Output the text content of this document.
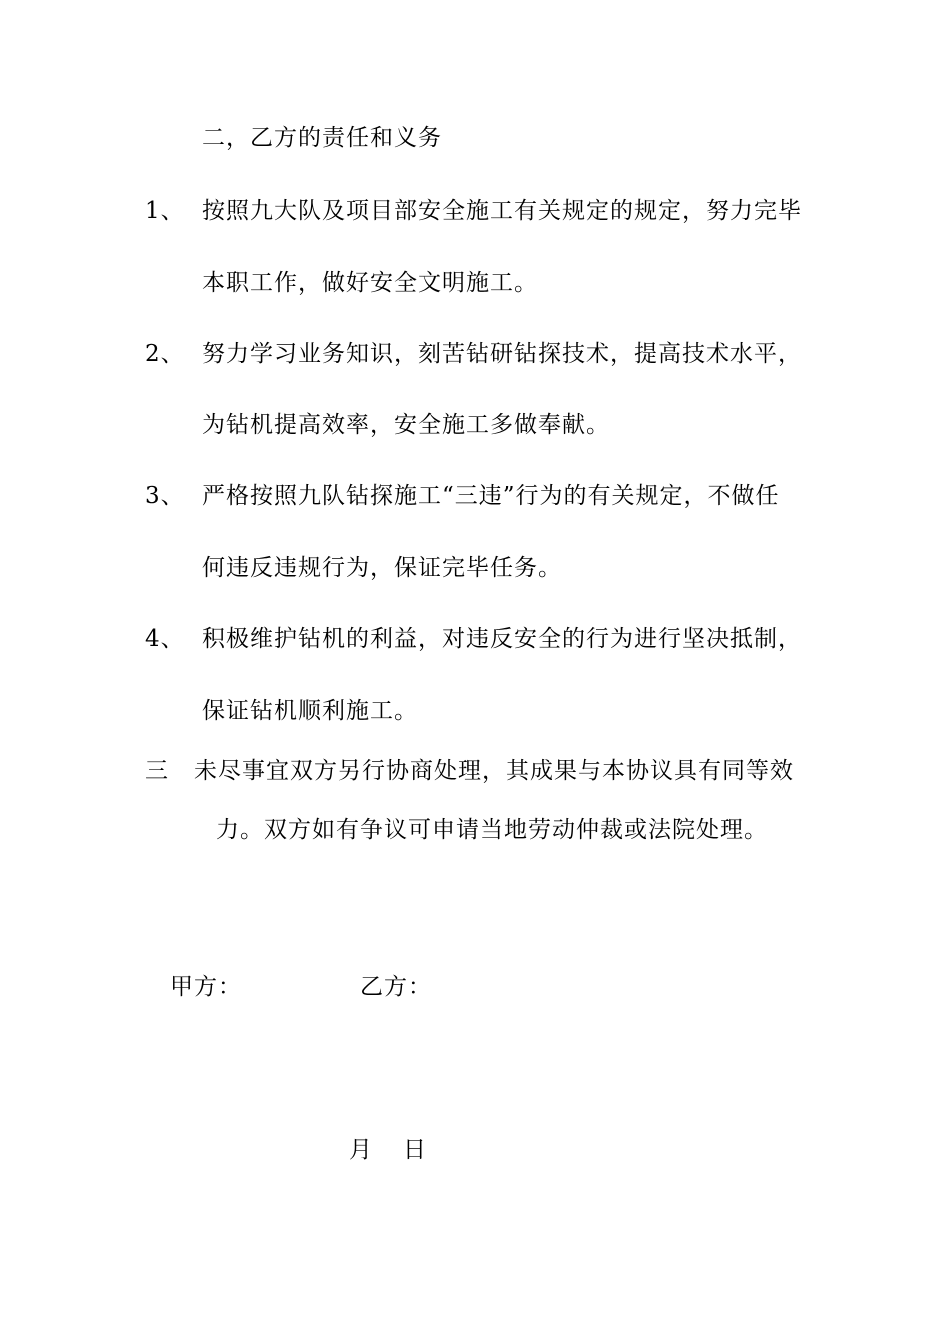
二，乙方的责任和义务
1、 按照九大队及项目部安全施工有关规定的规定，努力完毕
本职工作，做好安全文明施工。
2、 努力学习业务知识，刻苦钻研钻探技术，提高技术水平，
为钻机提高效率，安全施工多做奉献。
3、 严格按照九队钻探施工“三违”行为的有关规定，不做任
何违反违规行为，保证完毕任务。
4、 积极维护钻机的利益，对违反安全的行为进行坚决抵制，
保证钻机顺利施工。
三 未尽事宜双方另行协商处理，其成果与本协议具有同等效
力。双方如有争议可申请当地劳动仲裁或法院处理。
甲方：	乙方：
月 日
